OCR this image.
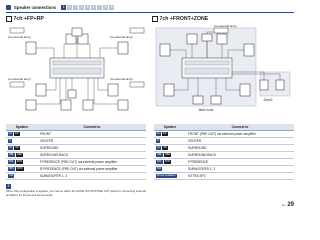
Speaker connections	1	2	3	4	5	6	7	8	9
7ch +FP+RP	7ch +FRONT+ZONE
(to external amp)	(to external amp)
(to external amp)	(to external amp)
(to external amp)
Zone2
Main zone
Speaker	Connect to
FL FR	FRONT
C	CENTER
SL SR	SURROUND
SBL SBR	SURROUND BACK
FPL FPR	F.PRESENCE (PRE OUT) via external power amplifier
RPL RPR	R.PRESENCE (PRE OUT) via external power amplifier
SW	SUBWOOFER 1, 2
Speaker	Connect to
FL FR	FRONT (PRE OUT) via external power amplifier
C	CENTER
SL SR	SURROUND
SBL SBR	SURROUND BACK
FPL FPR	F.PRESENCE
SW	SUBWOOFER 1, 2
Zone2 speakers	EXTRA SP2
!

When this configuration is applied, you cannot utilize the ZONE OUTPUT/PRE OUT jacks for connecting external amplifiers for Zone2 and Zone3 audio.

En 29
